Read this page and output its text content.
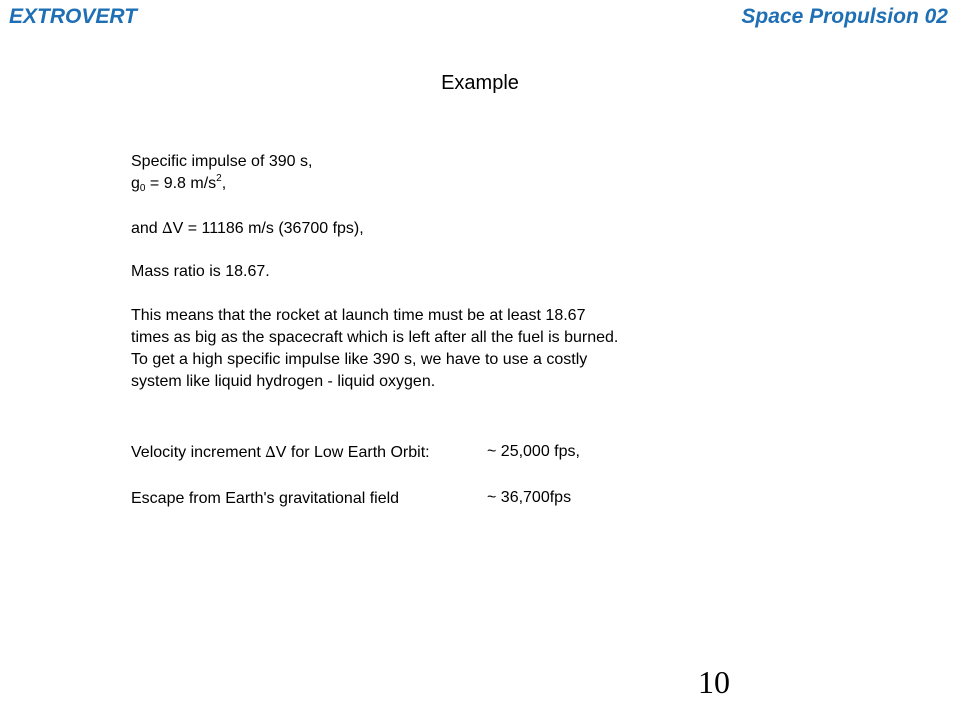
EXTROVERT	Space Propulsion 02
Example
Specific impulse of 390 s,
$g_0 = 9.8$ $m/s^2$,
and ∆V = 11186 m/s (36700 fps),
Mass ratio is 18.67.
This means that the rocket at launch time must be at least 18.67
times as big as the spacecraft which is left after all the fuel is burned.
To get a high specific impulse like 390 s, we have to use a costly
system like liquid hydrogen - liquid oxygen.
Velocity increment ∆V for Low Earth Orbit:	~ 25,000 fps,
Escape from Earth's gravitational field	~ 36,700fps
10
